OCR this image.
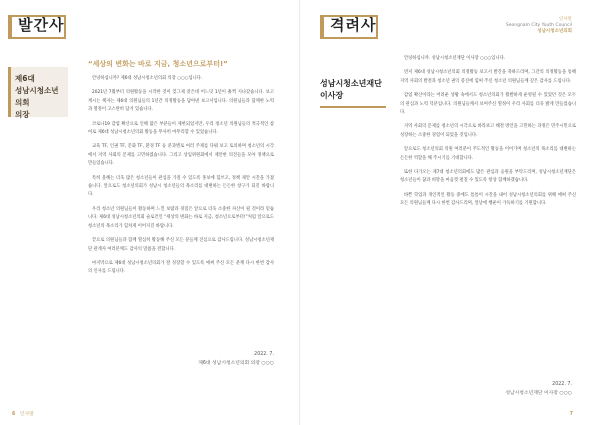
발간사
제6대
성남시청소년의회
의장
“세상의 변화는 바로 지금, 청소년으로부터!”

안녕하십니까? 제6대 성남시청소년의회 의장 ○○○입니다.

2021년 7월부터 의원활동을 시작한 것이 엊그제 같은데 어느덧 1년이 훌쩍 지나갔습니다. 보고 계시는 책자는 제6대 의원님들의 1년간 의정활동을 담아낸 보고서입니다. 의원님들과 함께한 노력과 열정이 고스란히 담겨 있습니다.

코로나19 감염 확산으로 인해 많은 부분들이 제한되었지만, 우리 청소년 의원님들의 적극적인 참여로 제6대 성남시청소년의회 활동을 무사히 마무리할 수 있었습니다.

교육 TF, 인권 TF, 문화 TF, 환경 TF 등 분과별로 여러 주제를 다뤄 보고 토의하며 청소년의 시각에서 지역 사회의 문제를 고민하였습니다. 그리고 상임위원회에서 제안한 의견들을 모아 정책으로 만들었습니다.

특히 올해는 더욱 많은 청소년들이 관심을 가질 수 있도록 홍보에 힘쓰고, 정책 제안 시간을 가졌습니다. 앞으로도 청소년의회가 성남시 청소년들의 목소리를 대변하는 든든한 창구가 되길 바랍니다.

우리 청소년 의원님들이 활동하며 느낀 보람과 경험은 앞으로 더욱 소중한 자산이 될 것이라 믿습니다. 제6대 성남시청소년의회 슬로건인 “세상의 변화는 바로 지금, 청소년으로부터!”처럼 앞으로도 청소년의 목소리가 힘차게 이어지길 바랍니다.

끝으로 의원님들과 함께 열심히 활동해 주신 모든 분들께 진심으로 감사드립니다. 성남시청소년재단 관계자 여러분께도 감사의 말씀을 전합니다.

마지막으로 제6대 성남시청소년의회가 잘 성장할 수 있도록 애써 주신 모든 분께 다시 한번 감사의 인사를 드립니다.

2022. 7.
제6대 성남시청소년의회 의장 ○○○
6 인사말
격려사	인사말
Seongnam City Youth Council
성남시청소년의회
성남시청소년재단
이사장

안녕하십니까. 성남시청소년재단 이사장 ○○○입니다.

먼저 제6대 성남시청소년의회 의정활동 보고서 발간을 축하드리며, 그간의 의정활동을 통해 지역 사회의 발전과 청소년 권익 증진에 힘써 주신 청소년 의원님들께 깊은 감사를 드립니다.

감염 확산이라는 어려운 상황 속에서도 청소년의회가 활발하게 운영될 수 있었던 것은 모두의 관심과 노력 덕분입니다. 의원님들께서 보여주신 열정이 우리 사회를 더욱 밝게 만들었습니다.

지역 사회의 문제를 청소년의 시각으로 바라보고 해결 방안을 고민하는 과정은 민주시민으로 성장하는 소중한 경험이 되었을 것입니다.

앞으로도 청소년의회 의원 여러분이 주도적인 활동을 이어가며 청소년의 목소리를 대변하는 든든한 역할을 해 주시기를 기대합니다.

또한 다가오는 제7대 청소년의회에도 많은 관심과 응원을 부탁드리며, 성남시청소년재단은 청소년들이 꿈과 희망을 마음껏 펼칠 수 있도록 항상 함께하겠습니다.

바쁜 학업과 개인적인 활동 중에도 틈틈이 시간을 내어 성남시청소년의회를 위해 애써 주신 모든 의원님들께 다시 한번 감사드리며, 앞날에 행운이 가득하기를 기원합니다.

2022. 7.
성남시청소년재단 이사장 ○○○
7
